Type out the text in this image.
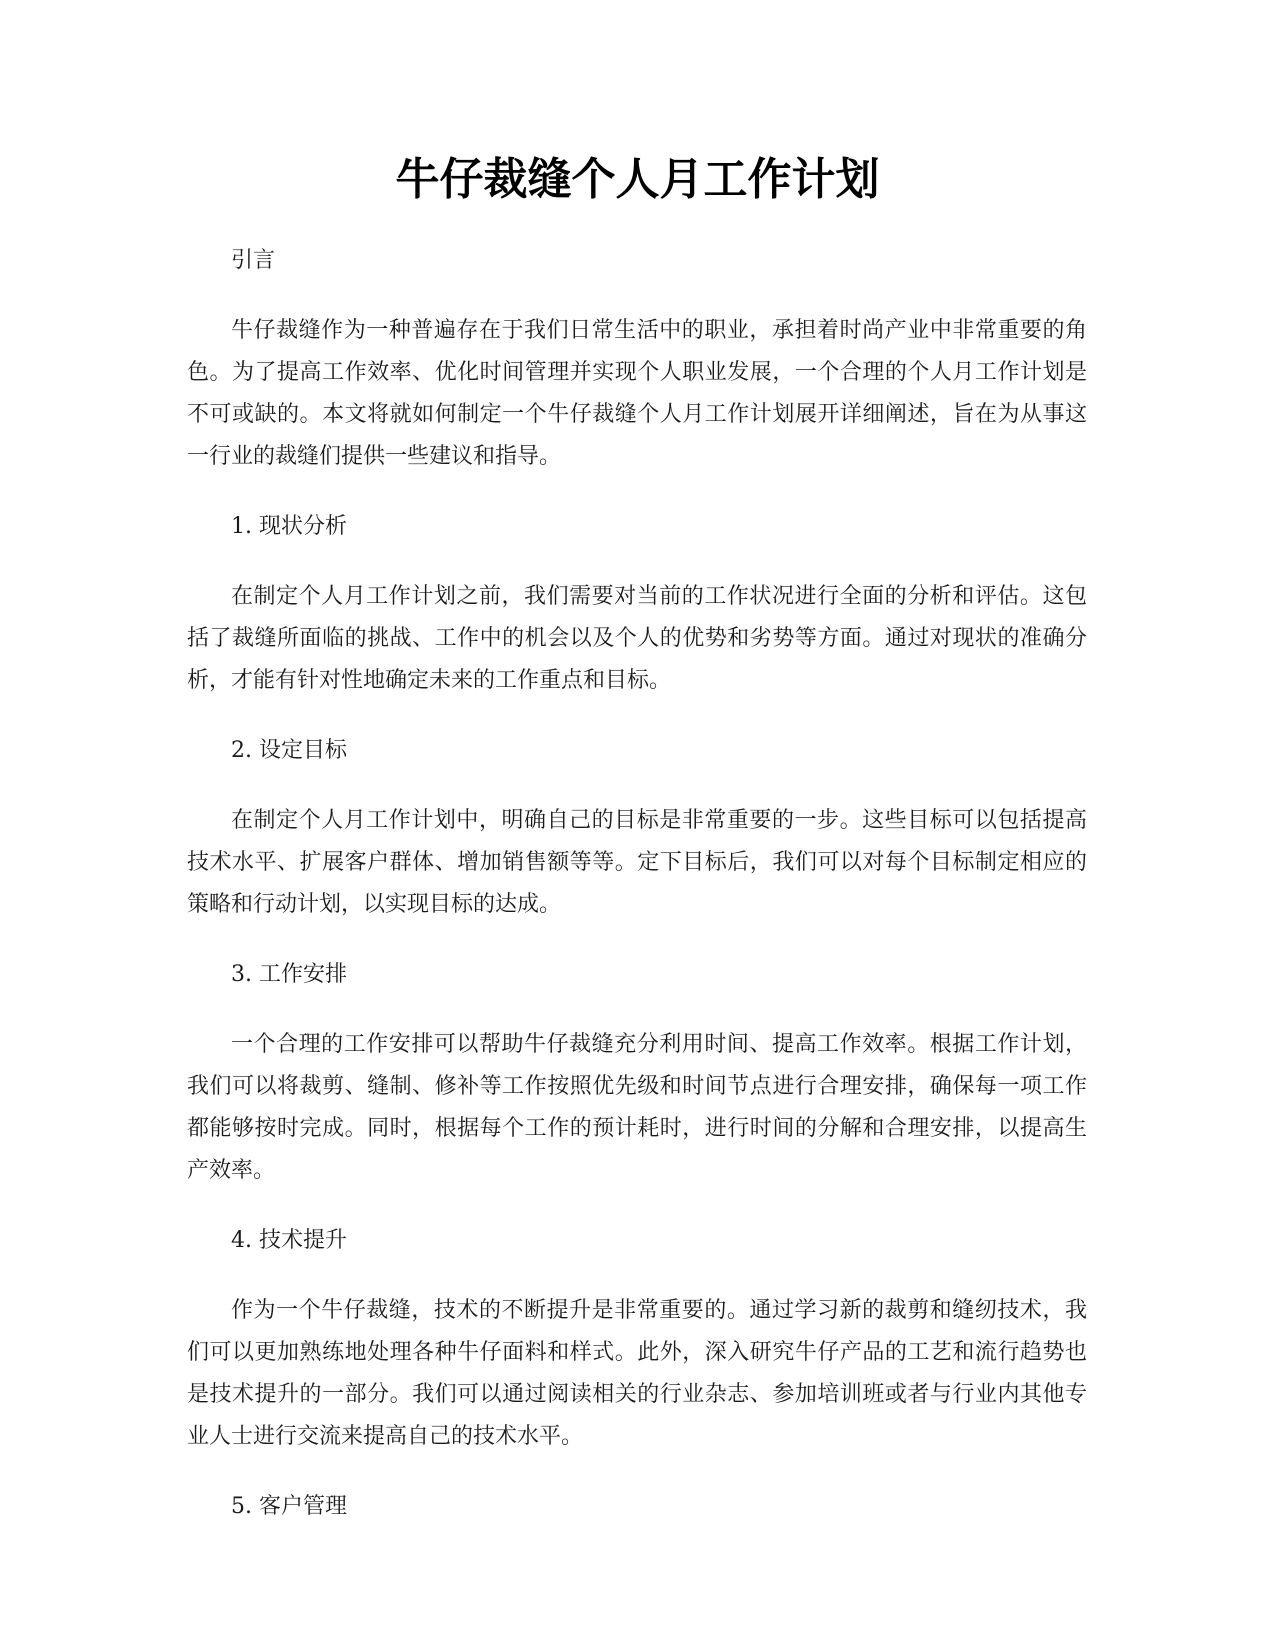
牛仔裁缝个人月工作计划

引言

牛仔裁缝作为一种普遍存在于我们日常生活中的职业，承担着时尚产业中非常重要的角色。为了提高工作效率、优化时间管理并实现个人职业发展，一个合理的个人月工作计划是不可或缺的。本文将就如何制定一个牛仔裁缝个人月工作计划展开详细阐述，旨在为从事这一行业的裁缝们提供一些建议和指导。

1. 现状分析

在制定个人月工作计划之前，我们需要对当前的工作状况进行全面的分析和评估。这包括了裁缝所面临的挑战、工作中的机会以及个人的优势和劣势等方面。通过对现状的准确分析，才能有针对性地确定未来的工作重点和目标。

2. 设定目标

在制定个人月工作计划中，明确自己的目标是非常重要的一步。这些目标可以包括提高技术水平、扩展客户群体、增加销售额等等。定下目标后，我们可以对每个目标制定相应的策略和行动计划，以实现目标的达成。

3. 工作安排

一个合理的工作安排可以帮助牛仔裁缝充分利用时间、提高工作效率。根据工作计划，我们可以将裁剪、缝制、修补等工作按照优先级和时间节点进行合理安排，确保每一项工作都能够按时完成。同时，根据每个工作的预计耗时，进行时间的分解和合理安排，以提高生产效率。

4. 技术提升

作为一个牛仔裁缝，技术的不断提升是非常重要的。通过学习新的裁剪和缝纫技术，我们可以更加熟练地处理各种牛仔面料和样式。此外，深入研究牛仔产品的工艺和流行趋势也是技术提升的一部分。我们可以通过阅读相关的行业杂志、参加培训班或者与行业内其他专业人士进行交流来提高自己的技术水平。

5. 客户管理
